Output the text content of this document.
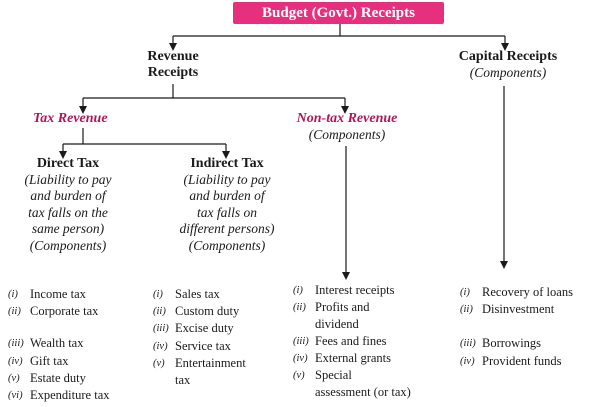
Budget (Govt.) Receipts
Revenue
Receipts
Capital Receipts
(Components)
Tax Revenue	Non-tax Revenue
(Components)
Direct Tax
(Liability to pay
and burden of
tax falls on the
same person)
(Components)
Indirect Tax
(Liability to pay
and burden of
tax falls on
different persons)
(Components)
(i) Income tax
(ii) Corporate tax
(iii) Wealth tax
(iv) Gift tax
(v) Estate duty
(vi) Expenditure tax
(i) Sales tax
(ii) Custom duty
(iii) Excise duty
(iv) Service tax
(v) Entertainment
tax
(i) Interest receipts
(ii) Profits and
dividend
(iii) Fees and fines
(iv) External grants
(v) Special
assessment (or tax)
(i) Recovery of loans
(ii) Disinvestment
(iii) Borrowings
(iv) Provident funds
